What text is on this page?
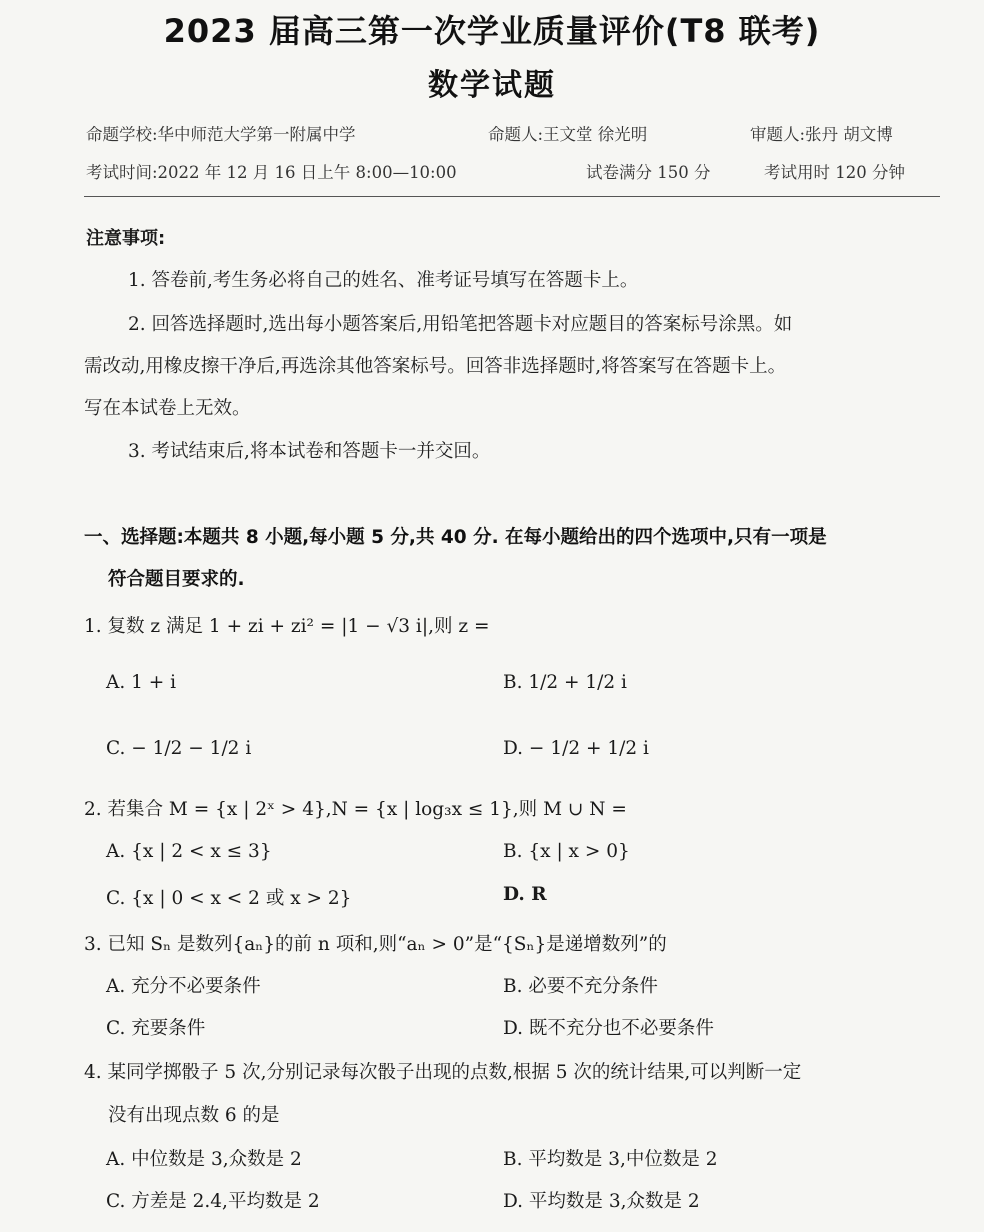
2023 届高三第一次学业质量评价(T8 联考)
数学试题
命题学校:华中师范大学第一附属中学	命题人:王文堂 徐光明	审题人:张丹 胡文博
考试时间:2022 年 12 月 16 日上午 8:00—10:00	试卷满分 150 分	考试用时 120 分钟
注意事项:
1. 答卷前,考生务必将自己的姓名、准考证号填写在答题卡上。
2. 回答选择题时,选出每小题答案后,用铅笔把答题卡对应题目的答案标号涂黑。如
需改动,用橡皮擦干净后,再选涂其他答案标号。回答非选择题时,将答案写在答题卡上。
写在本试卷上无效。
3. 考试结束后,将本试卷和答题卡一并交回。
一、选择题:本题共 8 小题,每小题 5 分,共 40 分. 在每小题给出的四个选项中,只有一项是
符合题目要求的.
1. 复数 z 满足 1 + zi + zi² = |1 − √3 i|,则 z =
A. 1 + i	B. 1/2 + 1/2 i
C. − 1/2 − 1/2 i	D. − 1/2 + 1/2 i
2. 若集合 M = {x | 2ˣ > 4},N = {x | log₃x ≤ 1},则 M ∪ N =
A. {x | 2 < x ≤ 3}	B. {x | x > 0}
C. {x | 0 < x < 2 或 x > 2}	D. R
3. 已知 Sₙ 是数列{aₙ}的前 n 项和,则“aₙ > 0”是“{Sₙ}是递增数列”的
A. 充分不必要条件	B. 必要不充分条件
C. 充要条件	D. 既不充分也不必要条件
4. 某同学掷骰子 5 次,分别记录每次骰子出现的点数,根据 5 次的统计结果,可以判断一定
没有出现点数 6 的是
A. 中位数是 3,众数是 2	B. 平均数是 3,中位数是 2
C. 方差是 2.4,平均数是 2	D. 平均数是 3,众数是 2
